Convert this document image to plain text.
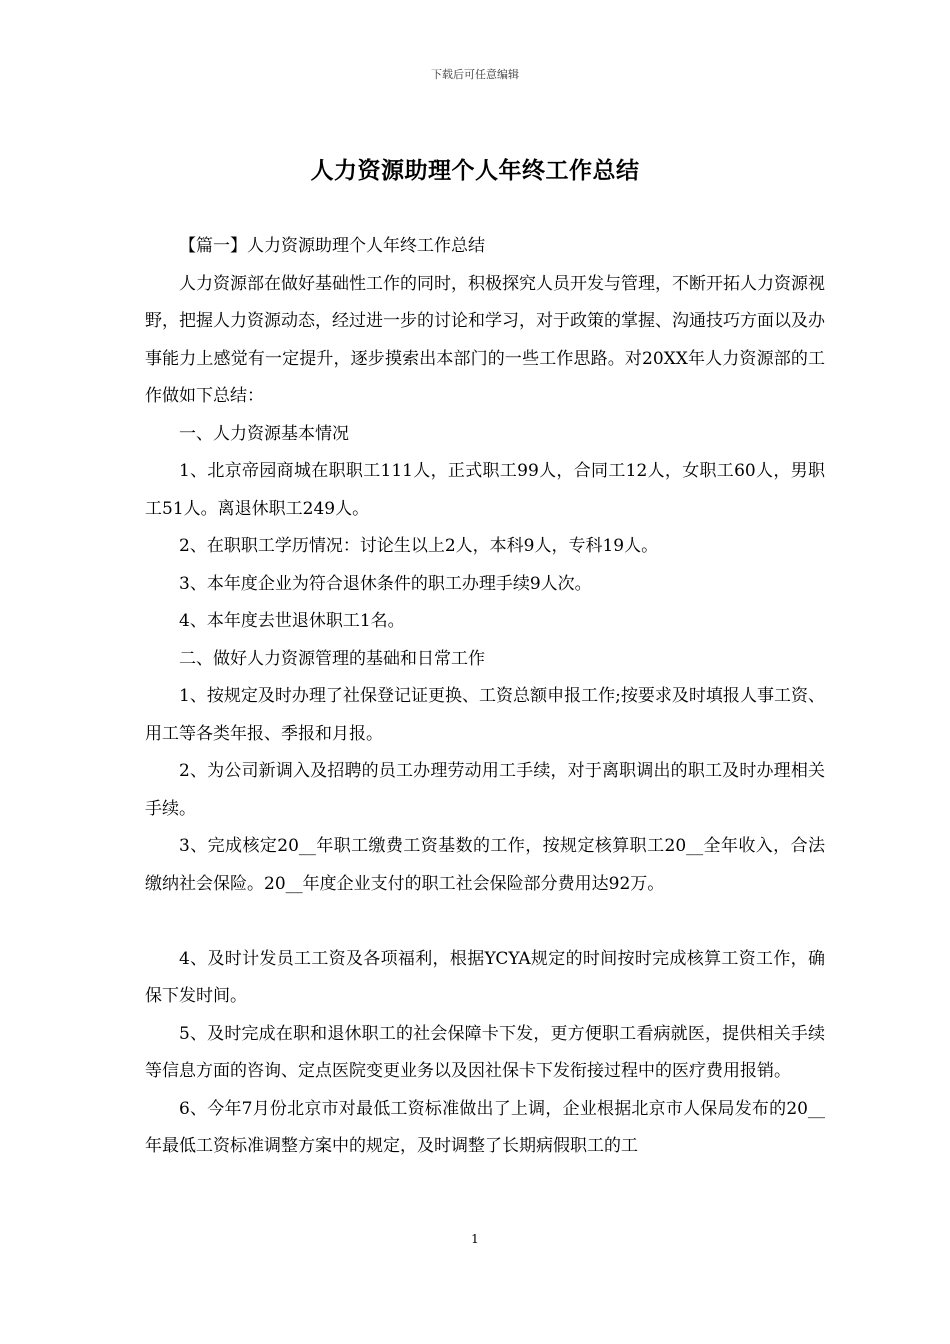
下载后可任意编辑
人力资源助理个人年终工作总结

【篇一】人力资源助理个人年终工作总结

人力资源部在做好基础性工作的同时，积极探究人员开发与管理，不断开拓人力资源视野，把握人力资源动态，经过进一步的讨论和学习，对于政策的掌握、沟通技巧方面以及办事能力上感觉有一定提升，逐步摸索出本部门的一些工作思路。对20XX年人力资源部的工作做如下总结：

一、人力资源基本情况

1、北京帝园商城在职职工111人，正式职工99人，合同工12人，女职工60人，男职工51人。离退休职工249人。

2、在职职工学历情况：讨论生以上2人，本科9人，专科19人。

3、本年度企业为符合退休条件的职工办理手续9人次。

4、本年度去世退休职工1名。

二、做好人力资源管理的基础和日常工作

1、按规定及时办理了社保登记证更换、工资总额申报工作;按要求及时填报人事工资、用工等各类年报、季报和月报。

2、为公司新调入及招聘的员工办理劳动用工手续，对于离职调出的职工及时办理相关手续。

3、完成核定20__年职工缴费工资基数的工作，按规定核算职工20__全年收入，合法缴纳社会保险。20__年度企业支付的职工社会保险部分费用达92万。

4、及时计发员工工资及各项福利，根据YCYA规定的时间按时完成核算工资工作，确保下发时间。

5、及时完成在职和退休职工的社会保障卡下发，更方便职工看病就医，提供相关手续等信息方面的咨询、定点医院变更业务以及因社保卡下发衔接过程中的医疗费用报销。

6、今年7月份北京市对最低工资标准做出了上调，企业根据北京市人保局发布的20__年最低工资标准调整方案中的规定，及时调整了长期病假职工的工

1
